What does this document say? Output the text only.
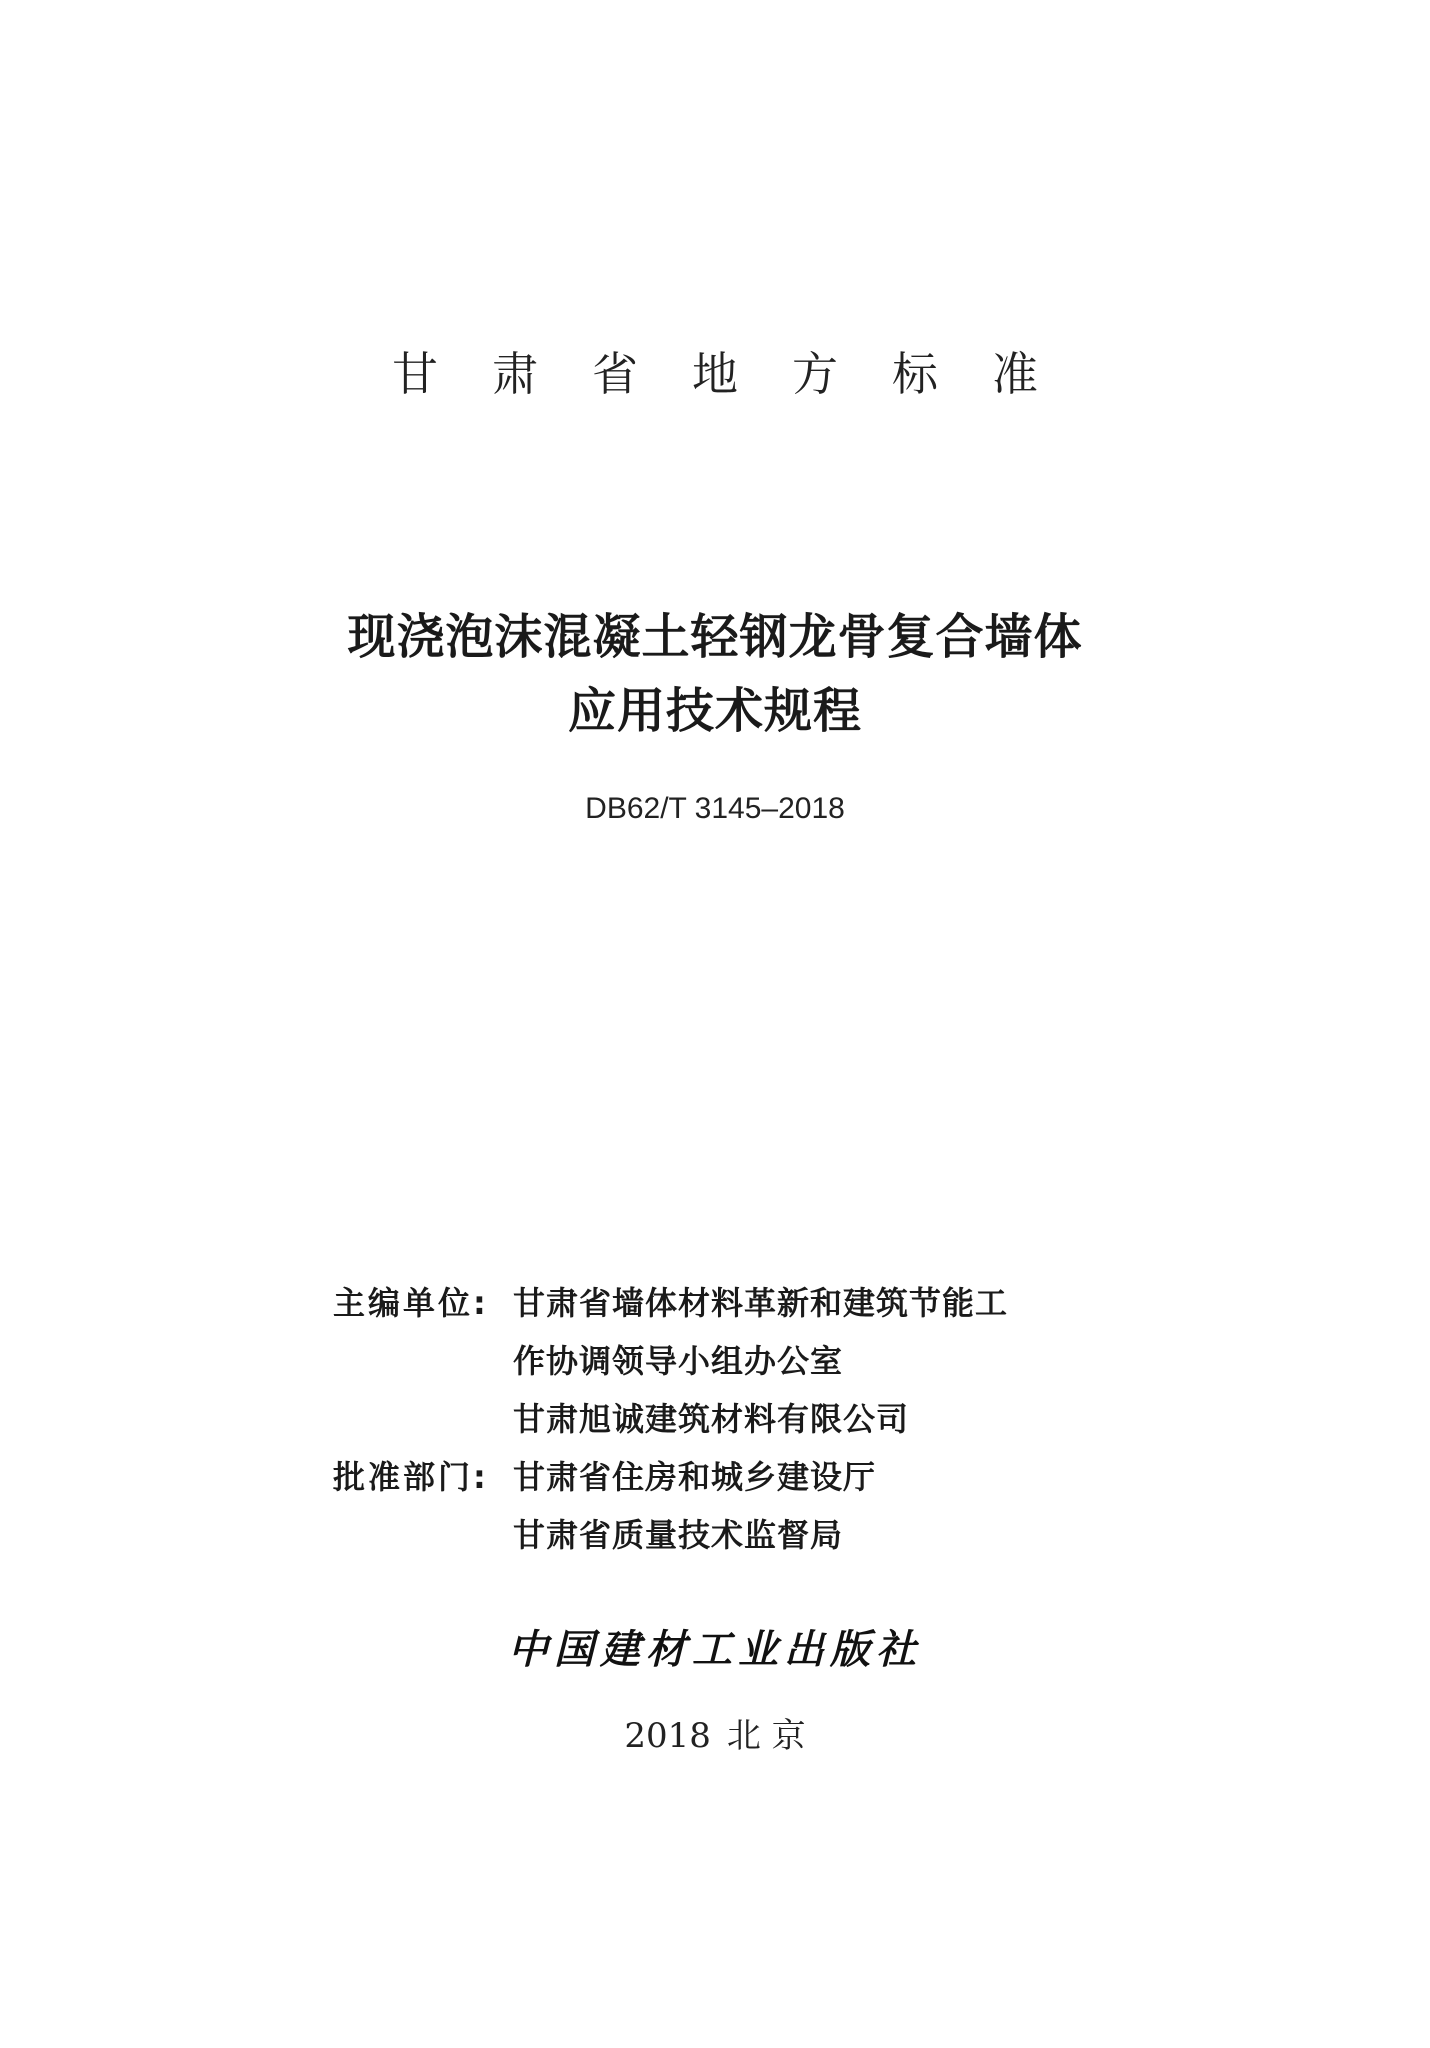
甘肃省地方标准
现浇泡沫混凝土轻钢龙骨复合墙体
应用技术规程
DB62/T 3145–2018
主编单位: 甘肃省墙体材料革新和建筑节能工
作协调领导小组办公室
甘肃旭诚建筑材料有限公司
批准部门: 甘肃省住房和城乡建设厅
甘肃省质量技术监督局
中国建材工业出版社
2018 北 京
